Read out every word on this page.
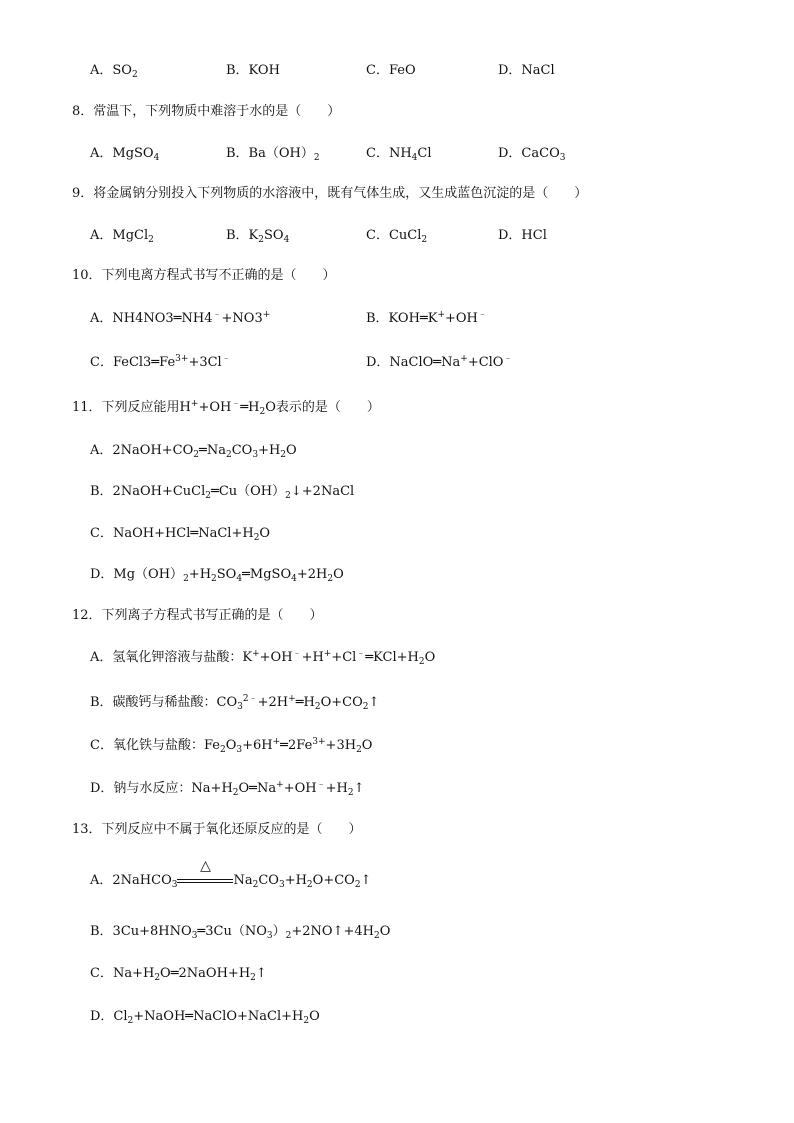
A．$SO_2$	B．KOH	C．FeO	D．NaCl
8．常温下，下列物质中难溶于水的是（　　）
A．MgSO$_4$	B．$Ba(OH)_2$	C．$NH_4Cl$	D．CaCO$_3$
9．将金属钠分别投入下列物质的水溶液中，既有气体生成，又生成蓝色沉淀的是（　　）
A．MgCl$_2$	B．$K_2SO_4$	C．CuCl$_2$	D．HCl
10．下列电离方程式书写不正确的是（　　）
A．NH4NO3═NH4﹣+NO3+	B．KOH═K++OH﹣
C．$FeCl3═Fe^{3+}+3Cl^﹣$	D．NaClO═Na++ClO﹣
11．下列反应能用$H^++OH^﹣═H_2O$表示的是（　　）
A．$2NaOH+CO_2═Na_2CO_3+H_2O$
B．$2NaOH+CuCl_2═Cu(OH)_2↓+2NaCl$
C．$NaOH+HCl═NaCl+H_2O$
D．$Mg(OH)_2+H_2SO_4═MgSO_4+2H_2O$
12．下列离子方程式书写正确的是（　　）
A．氢氧化钾溶液与盐酸：$K^++OH^﹣+H^++Cl^﹣═KCl+H_2O$
B．碳酸钙与稀盐酸：$CO_3^{2﹣}+2H^+═H_2O+CO_2↑$
C．氧化铁与盐酸：$Fe_2O_3+6H^+═2Fe^{3+}+3H_2O$
D．钠与水反应：$Na+H_2O═Na^++OH^﹣+H_2↑$
13．下列反应中不属于氧化还原反应的是（　　）
A．2NaHCO$_3$
△
$Na_2CO_3+H_2O+CO_2↑$
B．$3Cu+8HNO_3═3Cu(NO_3)_2+2NO↑+4H_2O$
C．$Na+H_2O═2NaOH+H_2↑$
D．$Cl_2+NaOH═NaClO+NaCl+H_2O$
